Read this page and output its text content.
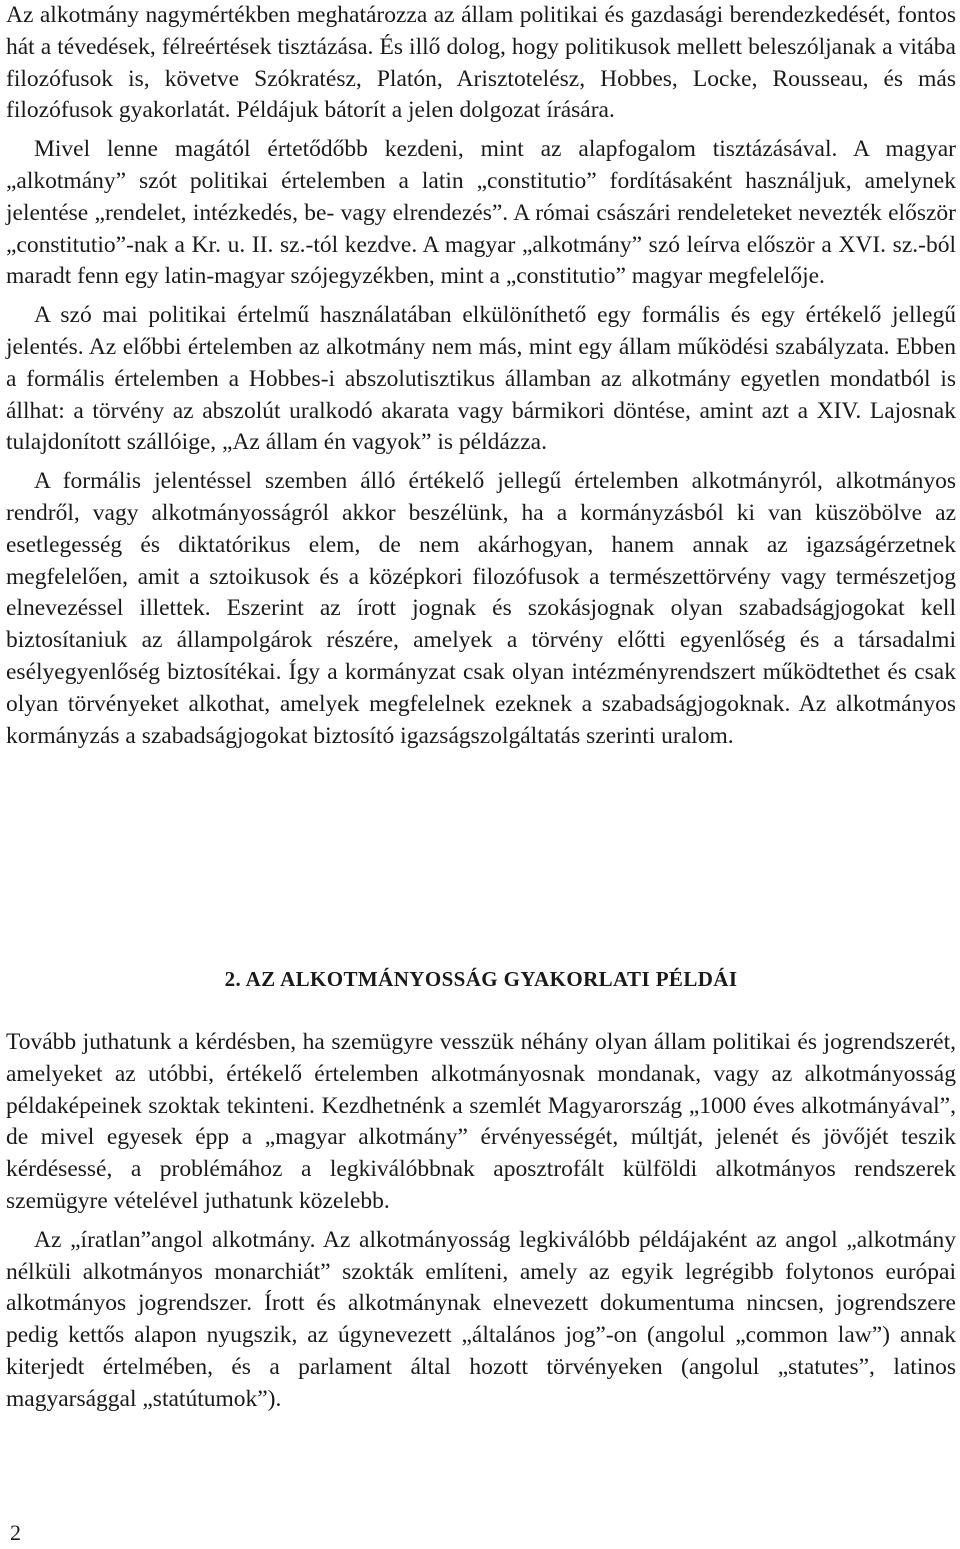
Az alkotmány nagymértékben meghatározza az állam politikai és gazdasági berendezkedését, fontos hát a tévedések, félreértések tisztázása. És illő dolog, hogy politikusok mellett beleszóljanak a vitába filozófusok is, követve Szókratész, Platón, Arisztotelész, Hobbes, Locke, Rousseau, és más filozófusok gyakorlatát. Példájuk bátorít a jelen dolgozat írására.

Mivel lenne magától értetődőbb kezdeni, mint az alapfogalom tisztázásával. A magyar „alkotmány” szót politikai értelemben a latin „constitutio” fordításaként használjuk, amelynek jelentése „rendelet, intézkedés, be- vagy elrendezés”. A római császári rendeleteket nevezték először „constitutio”-nak a Kr. u. II. sz.-tól kezdve. A magyar „alkotmány” szó leírva először a XVI. sz.-ból maradt fenn egy latin-magyar szójegyzékben, mint a „constitutio” magyar megfelelője.

A szó mai politikai értelmű használatában elkülöníthető egy formális és egy értékelő jellegű jelentés. Az előbbi értelemben az alkotmány nem más, mint egy állam működési szabályzata. Ebben a formális értelemben a Hobbes-i abszolutisztikus államban az alkotmány egyetlen mondatból is állhat: a törvény az abszolút uralkodó akarata vagy bármikori döntése, amint azt a XIV. Lajosnak tulajdonított szállóige, „Az állam én vagyok” is példázza.

A formális jelentéssel szemben álló értékelő jellegű értelemben alkotmányról, alkotmányos rendről, vagy alkotmányosságról akkor beszélünk, ha a kormányzásból ki van küszöbölve az esetlegesség és diktatórikus elem, de nem akárhogyan, hanem annak az igazságérzetnek megfelelően, amit a sztoikusok és a középkori filozófusok a természettörvény vagy természetjog elnevezéssel illettek. Eszerint az írott jognak és szokásjognak olyan szabadságjogokat kell biztosítaniuk az állampolgárok részére, amelyek a törvény előtti egyenlőség és a társadalmi esélyegyenlőség biztosítékai. Így a kormányzat csak olyan intézményrendszert működtethet és csak olyan törvényeket alkothat, amelyek megfelelnek ezeknek a szabadságjogoknak. Az alkotmányos kormányzás a szabadságjogokat biztosító igazságszolgáltatás szerinti uralom.

2. AZ ALKOTMÁNYOSSÁG GYAKORLATI PÉLDÁI

Tovább juthatunk a kérdésben, ha szemügyre vesszük néhány olyan állam politikai és jogrendszerét, amelyeket az utóbbi, értékelő értelemben alkotmányosnak mondanak, vagy az alkotmányosság példaképeinek szoktak tekinteni. Kezdhetnénk a szemlét Magyarország „1000 éves alkotmányával”, de mivel egyesek épp a „magyar alkotmány” érvényességét, múltját, jelenét és jövőjét teszik kérdésessé, a problémához a legkiválóbbnak aposztrofált külföldi alkotmányos rendszerek szemügyre vételével juthatunk közelebb.

Az „íratlan”angol alkotmány. Az alkotmányosság legkiválóbb példájaként az angol „alkotmány nélküli alkotmányos monarchiát” szokták említeni, amely az egyik legrégibb folytonos európai alkotmányos jogrendszer. Írott és alkotmánynak elnevezett dokumentuma nincsen, jogrendszere pedig kettős alapon nyugszik, az úgynevezett „általános jog”-on (angolul „common law”) annak kiterjedt értelmében, és a parlament által hozott törvényeken (angolul „statutes”, latinos magyarsággal „statútumok”).

2
